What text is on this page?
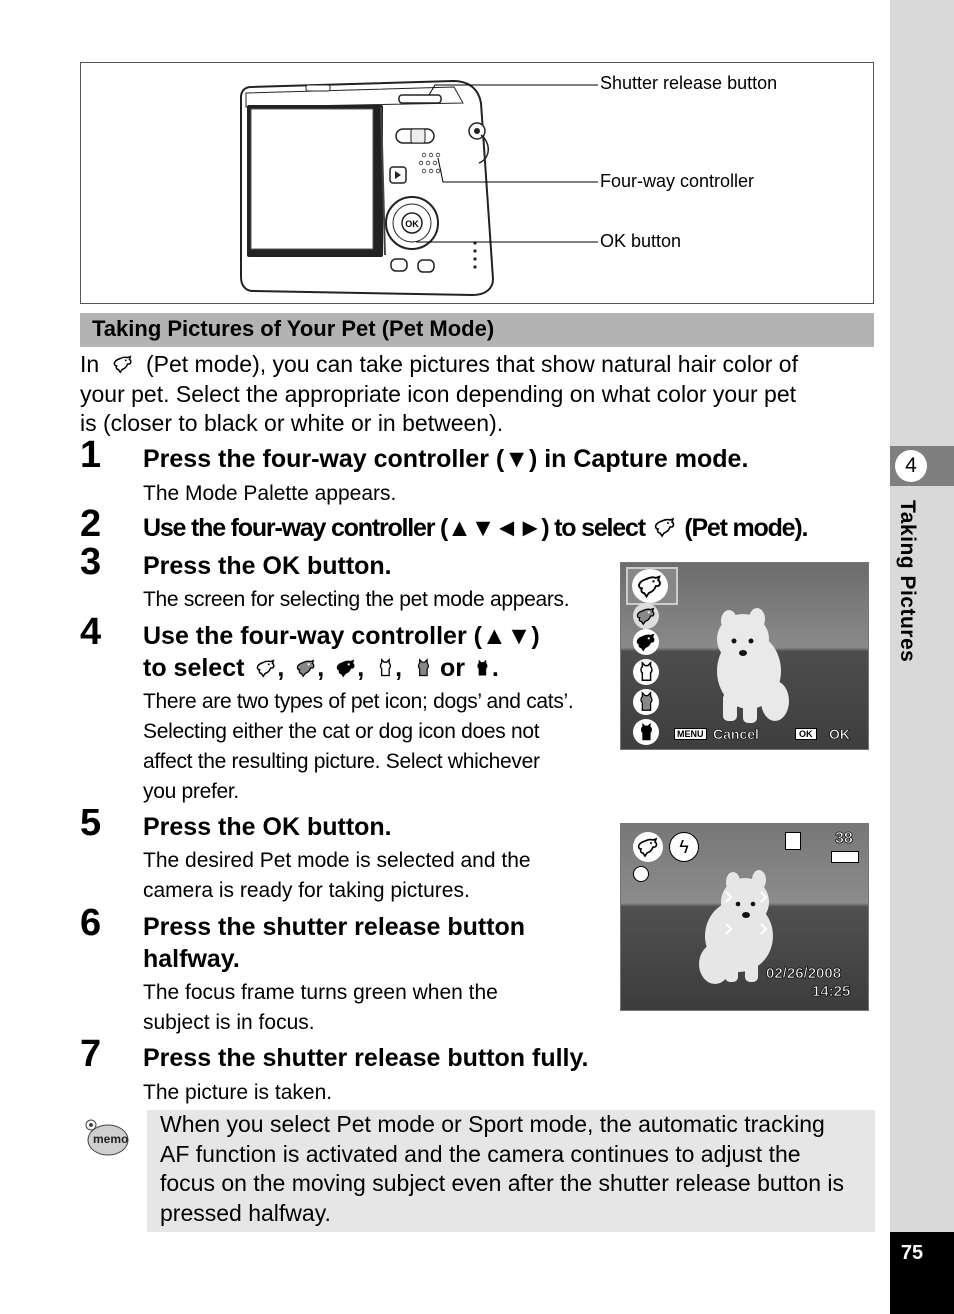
4
Taking Pictures
75
OK
Shutter release button
Four-way controller
OK button
Taking Pictures of Your Pet (Pet Mode)
In (Pet mode), you can take pictures that show natural hair color of
your pet. Select the appropriate icon depending on what color your pet
is (closer to black or white or in between).
1	Press the four-way controller (▼) in Capture mode.
The Mode Palette appears.
2	Use the four-way controller (▲▼◄►) to select (Pet mode).
3	Press the OK button.
The screen for selecting the pet mode appears.
MENU Cancel	OK OK
4	Use the four-way controller (▲▼)
to select , , , , or .
There are two types of pet icon; dogs’ and cats’.
Selecting either the cat or dog icon does not
affect the resulting picture. Select whichever
you prefer.
5	Press the OK button.
The desired Pet mode is selected and the
camera is ready for taking pictures.
ϟ	38
02/26/2008
14:25
6	Press the shutter release button
halfway.
The focus frame turns green when the
subject is in focus.
7	Press the shutter release button fully.
The picture is taken.
memo
When you select Pet mode or Sport mode, the automatic tracking
AF function is activated and the camera continues to adjust the
focus on the moving subject even after the shutter release button is
pressed halfway.
